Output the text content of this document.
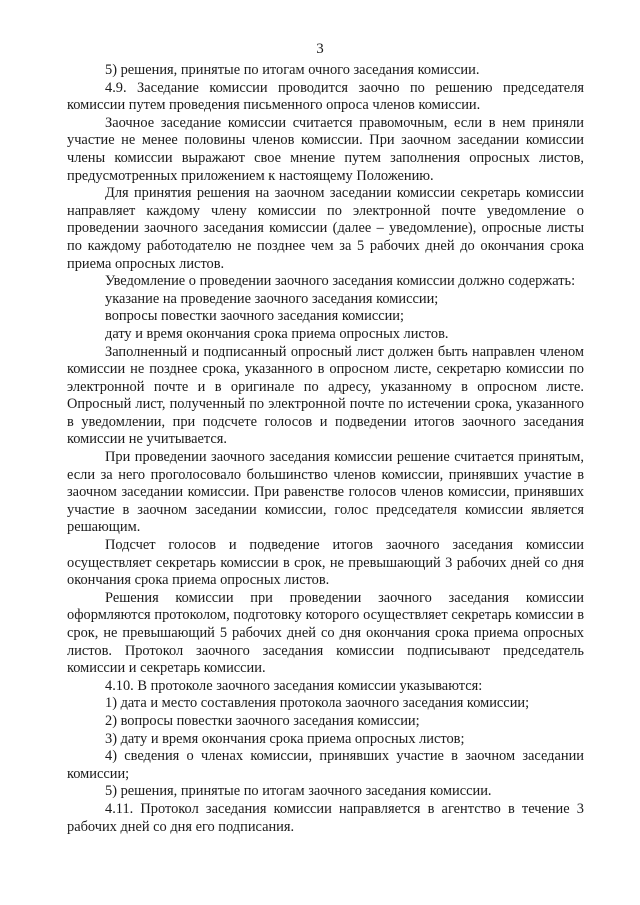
3

5) решения, принятые по итогам очного заседания комиссии.

4.9. Заседание комиссии проводится заочно по решению председателя комиссии путем проведения письменного опроса членов комиссии.

Заочное заседание комиссии считается правомочным, если в нем приняли участие не менее половины членов комиссии. При заочном заседании комиссии члены комиссии выражают свое мнение путем заполнения опросных листов, предусмотренных приложением к настоящему Положению.

Для принятия решения на заочном заседании комиссии секретарь комиссии направляет каждому члену комиссии по электронной почте уведомление о проведении заочного заседания комиссии (далее – уведомление), опросные листы по каждому работодателю не позднее чем за 5 рабочих дней до окончания срока приема опросных листов.

Уведомление о проведении заочного заседания комиссии должно содержать:

указание на проведение заочного заседания комиссии;

вопросы повестки заочного заседания комиссии;

дату и время окончания срока приема опросных листов.

Заполненный и подписанный опросный лист должен быть направлен членом комиссии не позднее срока, указанного в опросном листе, секретарю комиссии по электронной почте и в оригинале по адресу, указанному в опросном листе. Опросный лист, полученный по электронной почте по истечении срока, указанного в уведомлении, при подсчете голосов и подведении итогов заочного заседания комиссии не учитывается.

При проведении заочного заседания комиссии решение считается принятым, если за него проголосовало большинство членов комиссии, принявших участие в заочном заседании комиссии. При равенстве голосов членов комиссии, принявших участие в заочном заседании комиссии, голос председателя комиссии является решающим.

Подсчет голосов и подведение итогов заочного заседания комиссии осуществляет секретарь комиссии в срок, не превышающий 3 рабочих дней со дня окончания срока приема опросных листов.

Решения комиссии при проведении заочного заседания комиссии оформляются протоколом, подготовку которого осуществляет секретарь комиссии в срок, не превышающий 5 рабочих дней со дня окончания срока приема опросных листов. Протокол заочного заседания комиссии подписывают председатель комиссии и секретарь комиссии.

4.10. В протоколе заочного заседания комиссии указываются:

1) дата и место составления протокола заочного заседания комиссии;

2) вопросы повестки заочного заседания комиссии;

3) дату и время окончания срока приема опросных листов;

4) сведения о членах комиссии, принявших участие в заочном заседании комиссии;

5) решения, принятые по итогам заочного заседания комиссии.

4.11. Протокол заседания комиссии направляется в агентство в течение 3 рабочих дней со дня его подписания.
